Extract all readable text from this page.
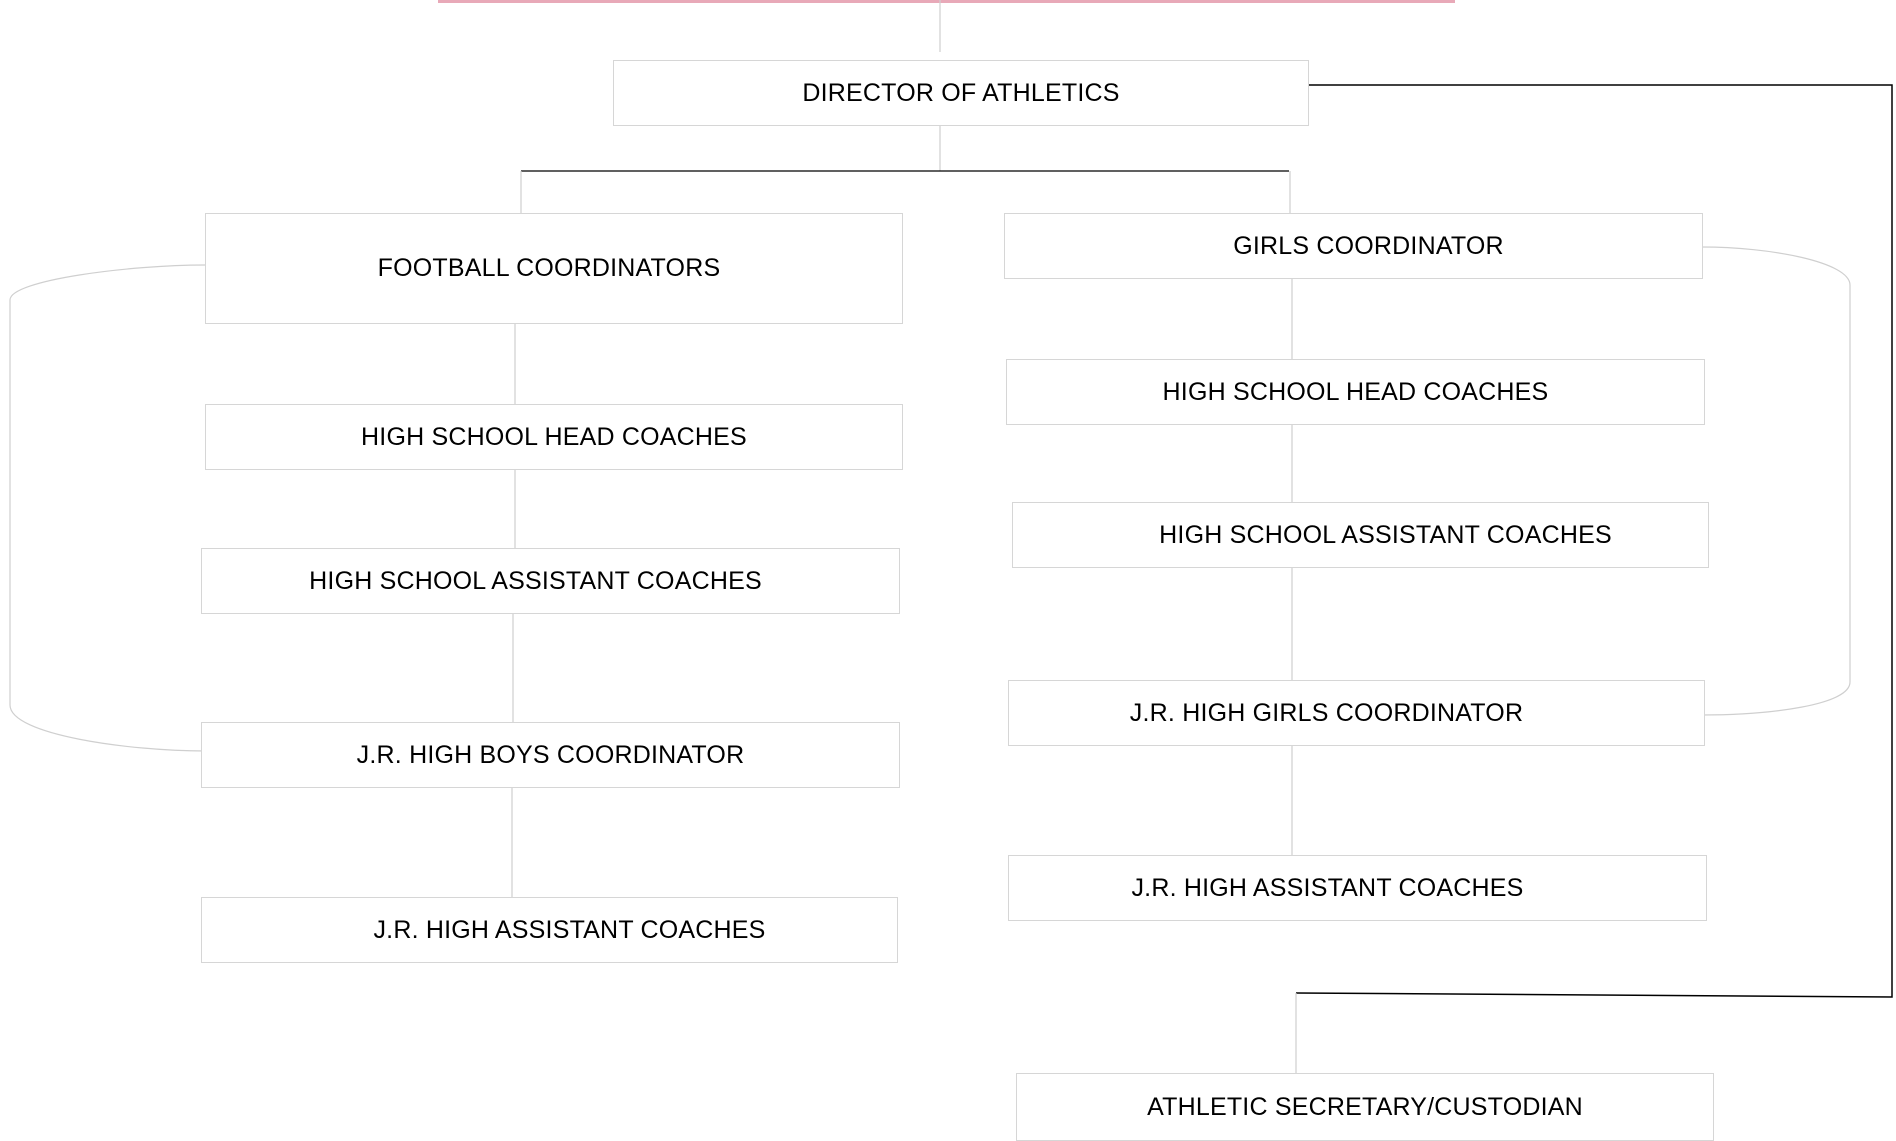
DIRECTOR OF ATHLETICS
FOOTBALL COORDINATORS
HIGH SCHOOL HEAD COACHES
HIGH SCHOOL ASSISTANT COACHES
J.R. HIGH BOYS COORDINATOR
J.R. HIGH ASSISTANT COACHES
GIRLS COORDINATOR
HIGH SCHOOL HEAD COACHES
HIGH SCHOOL ASSISTANT COACHES
J.R. HIGH GIRLS COORDINATOR
J.R. HIGH ASSISTANT COACHES
ATHLETIC SECRETARY/CUSTODIAN
